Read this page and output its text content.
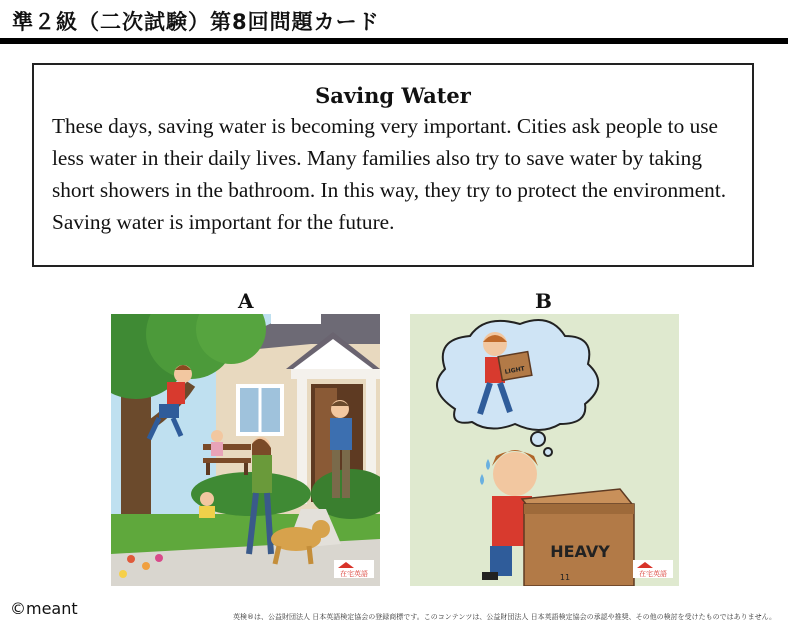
準２級（二次試験）第8回問題カード
Saving Water
These days, saving water is becoming very important. Cities ask people to use less water in their daily lives. Many families also try to save water by taking short showers in the bathroom. In this way, they try to protect the environment. Saving water is important for the future.
A	B
在宅英語
LIGHT
HEAVY
11	在宅英語
©meant	英検®は、公益財団法人 日本英語検定協会の登録商標です。このコンテンツは、公益財団法人 日本英語検定協会の承認や推奨、その他の検討を受けたものではありません。
